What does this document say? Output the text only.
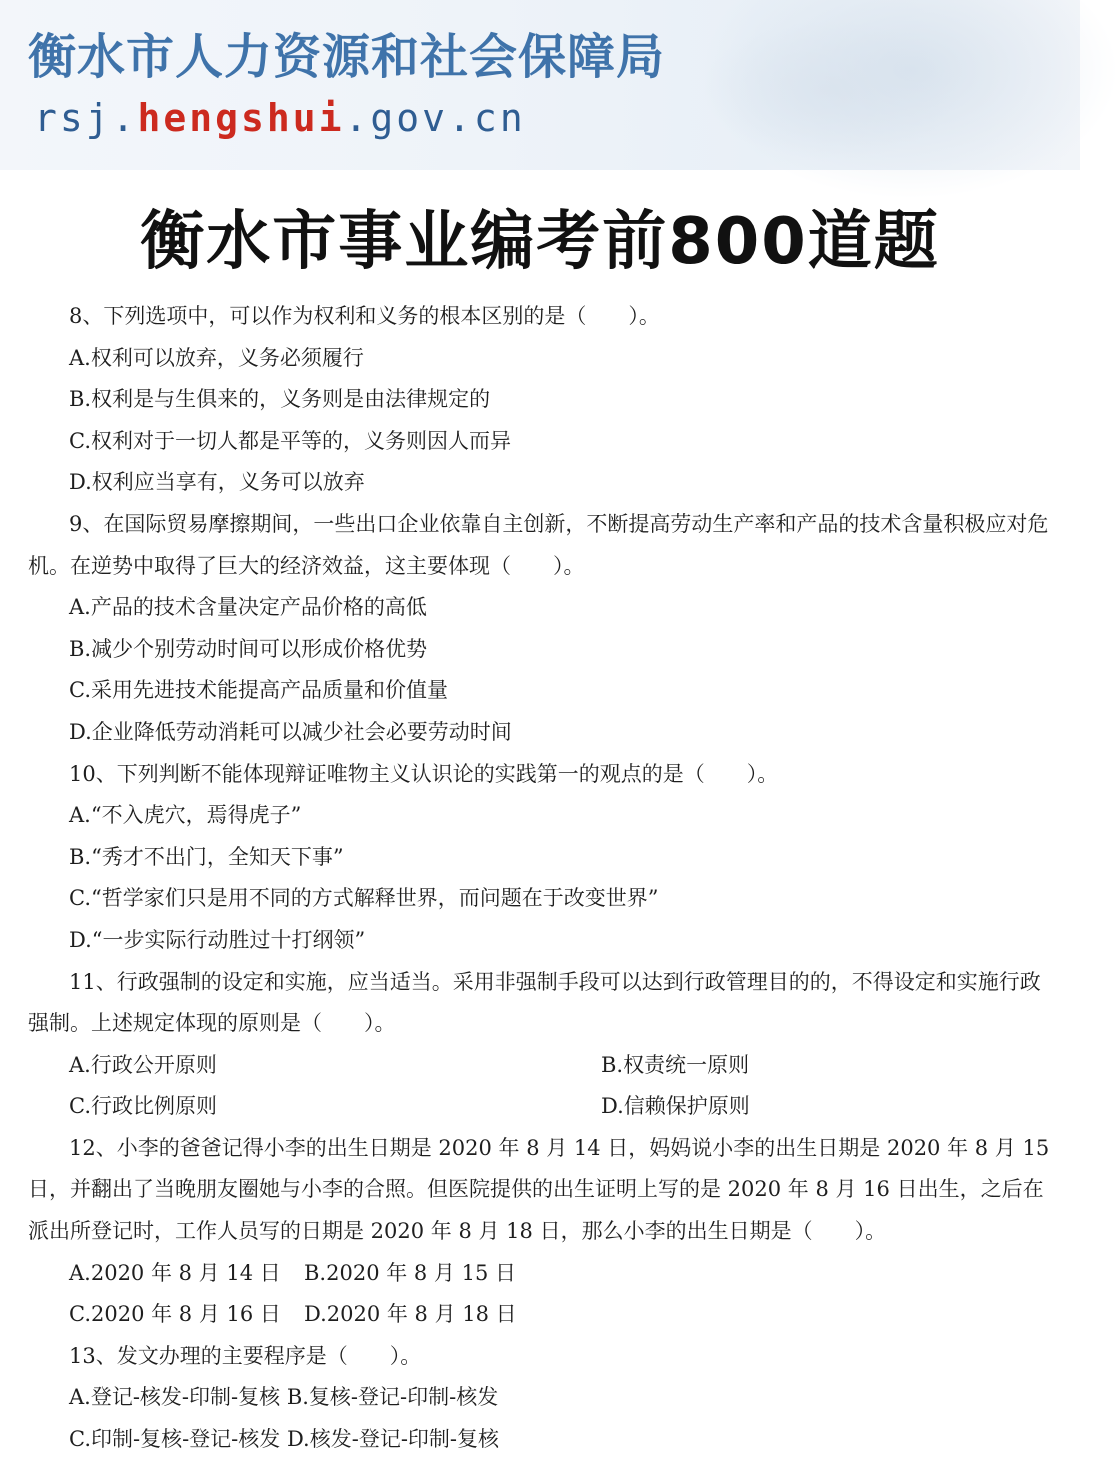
衡水市人力资源和社会保障局
rsj.hengshui.gov.cn
衡水市事业编考前800道题
8、下列选项中，可以作为权利和义务的根本区别的是（　　）。
A.权利可以放弃，义务必须履行
B.权利是与生俱来的，义务则是由法律规定的
C.权利对于一切人都是平等的，义务则因人而异
D.权利应当享有，义务可以放弃
9、在国际贸易摩擦期间，一些出口企业依靠自主创新，不断提高劳动生产率和产品的技术含量积极应对危机。在逆势中取得了巨大的经济效益，这主要体现（　　）。
A.产品的技术含量决定产品价格的高低
B.减少个别劳动时间可以形成价格优势
C.采用先进技术能提高产品质量和价值量
D.企业降低劳动消耗可以减少社会必要劳动时间
10、下列判断不能体现辩证唯物主义认识论的实践第一的观点的是（　　）。
A.“不入虎穴，焉得虎子”
B.“秀才不出门，全知天下事”
C.“哲学家们只是用不同的方式解释世界，而问题在于改变世界”
D.“一步实际行动胜过十打纲领”
11、行政强制的设定和实施，应当适当。采用非强制手段可以达到行政管理目的的，不得设定和实施行政强制。上述规定体现的原则是（　　）。
A.行政公开原则	B.权责统一原则
C.行政比例原则	D.信赖保护原则
12、小李的爸爸记得小李的出生日期是 2020 年 8 月 14 日，妈妈说小李的出生日期是 2020 年 8 月 15 日，并翻出了当晚朋友圈她与小李的合照。但医院提供的出生证明上写的是 2020 年 8 月 16 日出生，之后在派出所登记时，工作人员写的日期是 2020 年 8 月 18 日，那么小李的出生日期是（　　）。
A.2020 年 8 月 14 日	B.2020 年 8 月 15 日
C.2020 年 8 月 16 日	D.2020 年 8 月 18 日
13、发文办理的主要程序是（　　）。
A.登记-核发-印制-复核 B.复核-登记-印制-核发
C.印制-复核-登记-核发 D.核发-登记-印制-复核
